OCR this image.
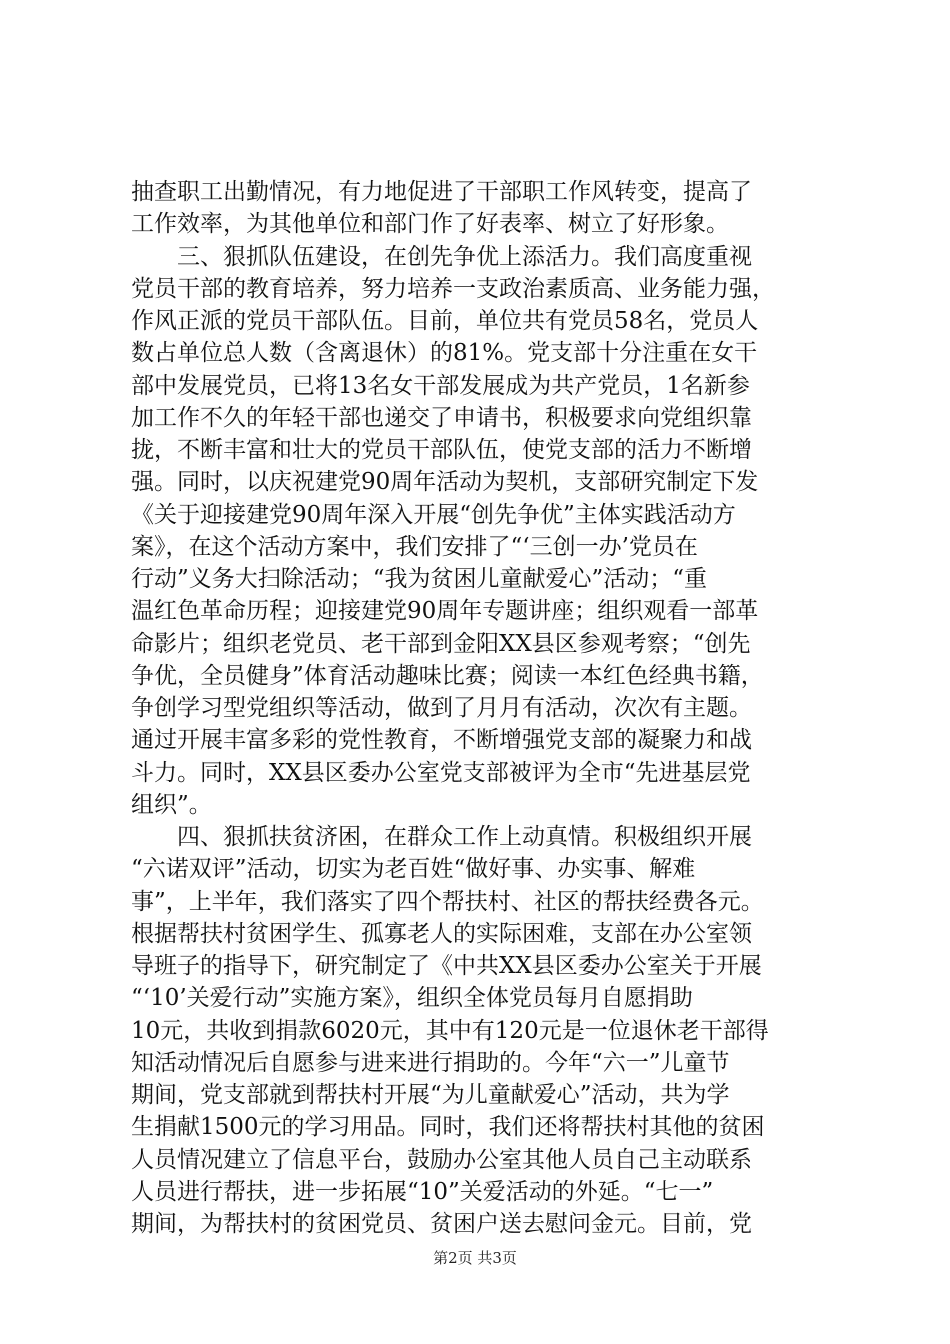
抽查职工出勤情况，有力地促进了干部职工作风转变，提高了
工作效率，为其他单位和部门作了好表率、树立了好形象。
　　三、狠抓队伍建设，在创先争优上添活力。我们高度重视
党员干部的教育培养，努力培养一支政治素质高、业务能力强，
作风正派的党员干部队伍。目前，单位共有党员58名，党员人
数占单位总人数（含离退休）的81%。党支部十分注重在女干
部中发展党员，已将13名女干部发展成为共产党员，1名新参
加工作不久的年轻干部也递交了申请书，积极要求向党组织靠
拢，不断丰富和壮大的党员干部队伍，使党支部的活力不断增
强。同时，以庆祝建党90周年活动为契机，支部研究制定下发
《关于迎接建党90周年深入开展“创先争优”主体实践活动方
案》，在这个活动方案中，我们安排了“‘三创一办’党员在
行动”义务大扫除活动；“我为贫困儿童献爱心”活动；“重
温红色革命历程；迎接建党90周年专题讲座；组织观看一部革
命影片；组织老党员、老干部到金阳XX县区参观考察；“创先
争优，全员健身”体育活动趣味比赛；阅读一本红色经典书籍，
争创学习型党组织等活动，做到了月月有活动，次次有主题。
通过开展丰富多彩的党性教育，不断增强党支部的凝聚力和战
斗力。同时，XX县区委办公室党支部被评为全市“先进基层党
组织”。
　　四、狠抓扶贫济困，在群众工作上动真情。积极组织开展
“六诺双评”活动，切实为老百姓“做好事、办实事、解难
事”，上半年，我们落实了四个帮扶村、社区的帮扶经费各元。
根据帮扶村贫困学生、孤寡老人的实际困难，支部在办公室领
导班子的指导下，研究制定了《中共XX县区委办公室关于开展
“‘10’关爱行动”实施方案》，组织全体党员每月自愿捐助
10元，共收到捐款6020元，其中有120元是一位退休老干部得
知活动情况后自愿参与进来进行捐助的。今年“六一”儿童节
期间，党支部就到帮扶村开展“为儿童献爱心”活动，共为学
生捐献1500元的学习用品。同时，我们还将帮扶村其他的贫困
人员情况建立了信息平台，鼓励办公室其他人员自己主动联系
人员进行帮扶，进一步拓展“10”关爱活动的外延。“七一”
期间，为帮扶村的贫困党员、贫困户送去慰问金元。目前，党
第2页 共3页
